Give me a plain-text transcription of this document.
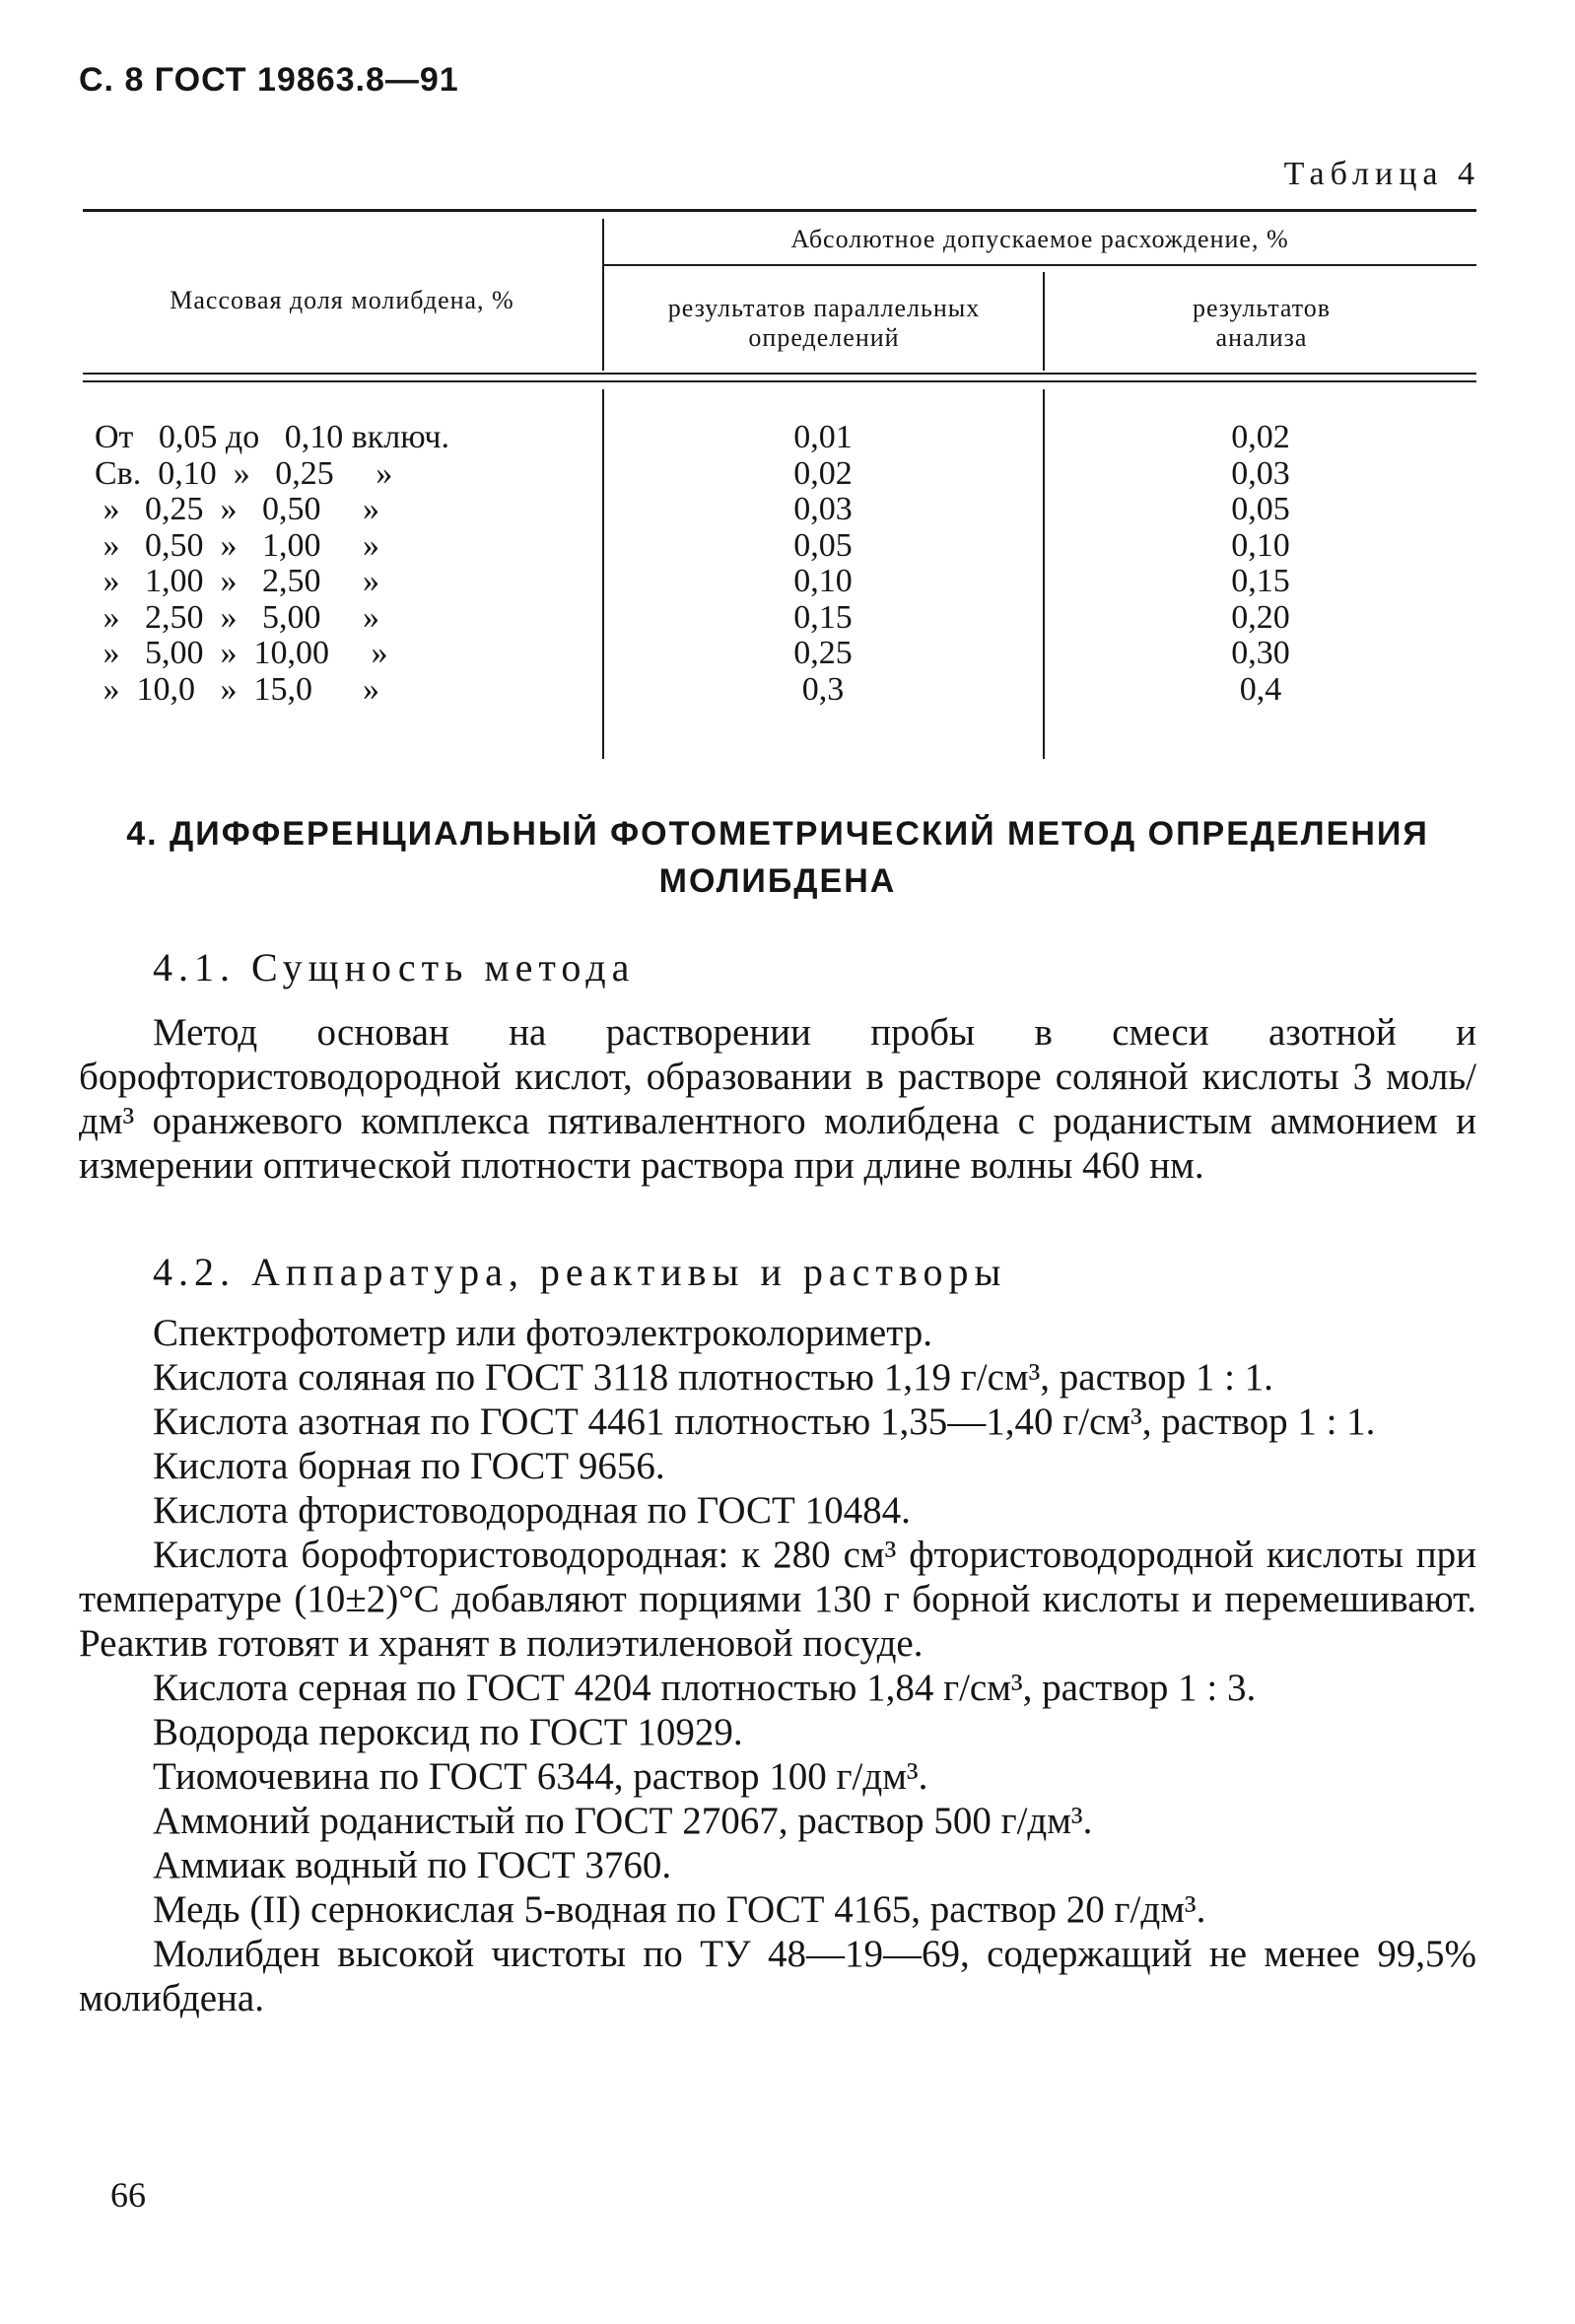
С. 8 ГОСТ 19863.8—91
Таблица 4
Массовая доля молибдена, %
Абсолютное допускаемое расхождение, %
результатов параллельных определений
результатов анализа
От   0,05 до   0,10 включ.	0,01	0,02
Св.  0,10  »   0,25     »	0,02	0,03
»   0,25  »   0,50     »	0,03	0,05
»   0,50  »   1,00     »	0,05	0,10
»   1,00  »   2,50     »	0,10	0,15
»   2,50  »   5,00     »	0,15	0,20
»   5,00  »  10,00     »	0,25	0,30
»  10,0   »  15,0      »	0,3	0,4
4. ДИФФЕРЕНЦИАЛЬНЫЙ ФОТОМЕТРИЧЕСКИЙ МЕТОД ОПРЕДЕЛЕНИЯ
МОЛИБДЕНА
4.1. Сущность метода
Метод основан на растворении пробы в смеси азотной и борофтористоводородной кислот, образовании в растворе соляной кислоты 3 моль/дм³ оранжевого комплекса пятивалентного молибдена с роданистым аммонием и измерении оптической плотности раствора при длине волны 460 нм.
4.2. Аппаратура, реактивы и растворы

Спектрофотометр или фотоэлектроколориметр.

Кислота соляная по ГОСТ 3118 плотностью 1,19 г/см³, раствор 1 : 1.

Кислота азотная по ГОСТ 4461 плотностью 1,35—1,40 г/см³, раствор 1 : 1.

Кислота борная по ГОСТ 9656.

Кислота фтористоводородная по ГОСТ 10484.

Кислота борофтористоводородная: к 280 см³ фтористоводородной кислоты при температуре (10±2)°С добавляют порциями 130 г борной кислоты и перемешивают. Реактив готовят и хранят в полиэтиленовой посуде.

Кислота серная по ГОСТ 4204 плотностью 1,84 г/см³, раствор 1 : 3.

Водорода пероксид по ГОСТ 10929.

Тиомочевина по ГОСТ 6344, раствор 100 г/дм³.

Аммоний роданистый по ГОСТ 27067, раствор 500 г/дм³.

Аммиак водный по ГОСТ 3760.

Медь (II) сернокислая 5-водная по ГОСТ 4165, раствор 20 г/дм³.

Молибден высокой чистоты по ТУ 48—19—69, содержащий не менее 99,5% молибдена.

66
